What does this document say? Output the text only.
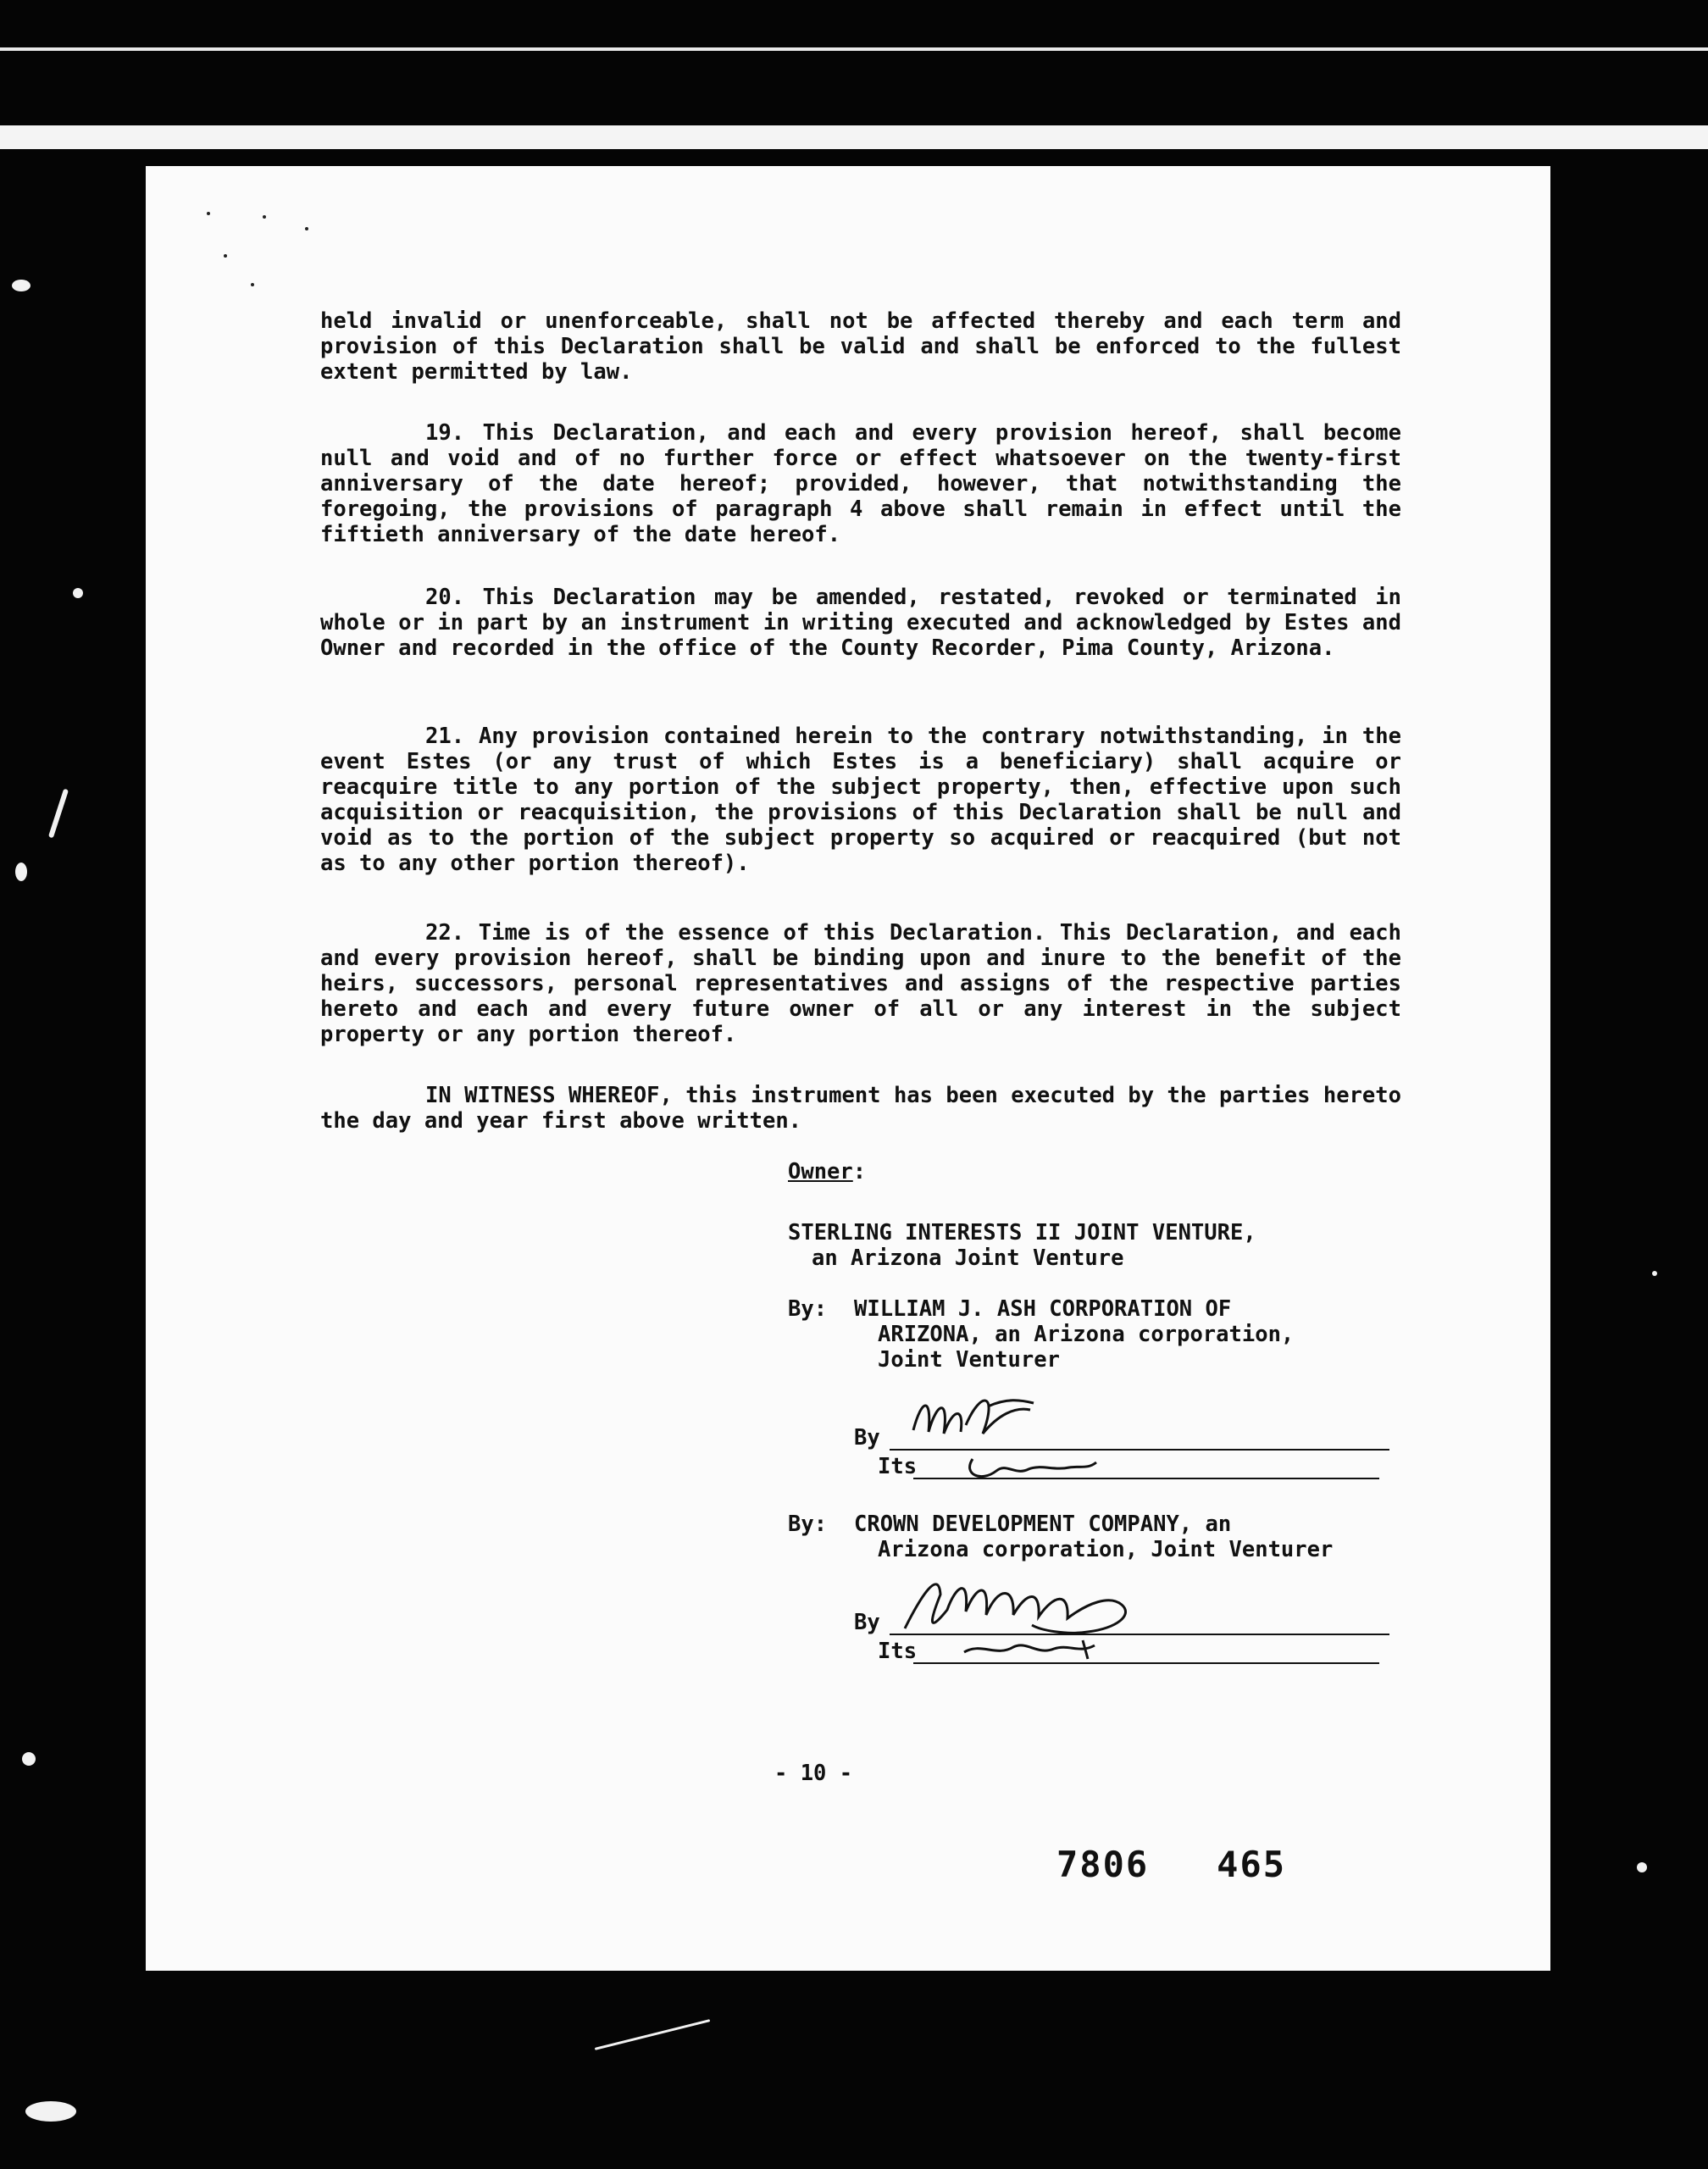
held invalid or unenforceable, shall not be affected thereby and each term and provision of this Declaration shall be valid and shall be enforced to the fullest extent permitted by law.

19. This Declaration, and each and every provision hereof, shall become null and void and of no further force or effect whatsoever on the twenty-first anniversary of the date hereof; provided, however, that notwithstanding the foregoing, the provisions of paragraph 4 above shall remain in effect until the fiftieth anniversary of the date hereof.

20. This Declaration may be amended, restated, revoked or terminated in whole or in part by an instrument in writing executed and acknowledged by Estes and Owner and recorded in the office of the County Recorder, Pima County, Arizona.

21. Any provision contained herein to the contrary notwithstanding, in the event Estes (or any trust of which Estes is a beneficiary) shall acquire or reacquire title to any portion of the subject property, then, effective upon such acquisition or reacquisition, the provisions of this Declaration shall be null and void as to the portion of the subject property so acquired or reacquired (but not as to any other portion thereof).

22. Time is of the essence of this Declaration. This Declaration, and each and every provision hereof, shall be binding upon and inure to the benefit of the heirs, successors, personal representatives and assigns of the respective parties hereto and each and every future owner of all or any interest in the subject property or any portion thereof.

IN WITNESS WHEREOF, this instrument has been executed by the parties hereto the day and year first above written.

Owner:
STERLING INTERESTS II JOINT VENTURE,
an Arizona Joint Venture
By:	WILLIAM J. ASH CORPORATION OF
ARIZONA, an Arizona corporation,
Joint Venturer
By
Its
By:	CROWN DEVELOPMENT COMPANY, an
Arizona corporation, Joint Venturer
By
Its
- 10 -
7806 465
